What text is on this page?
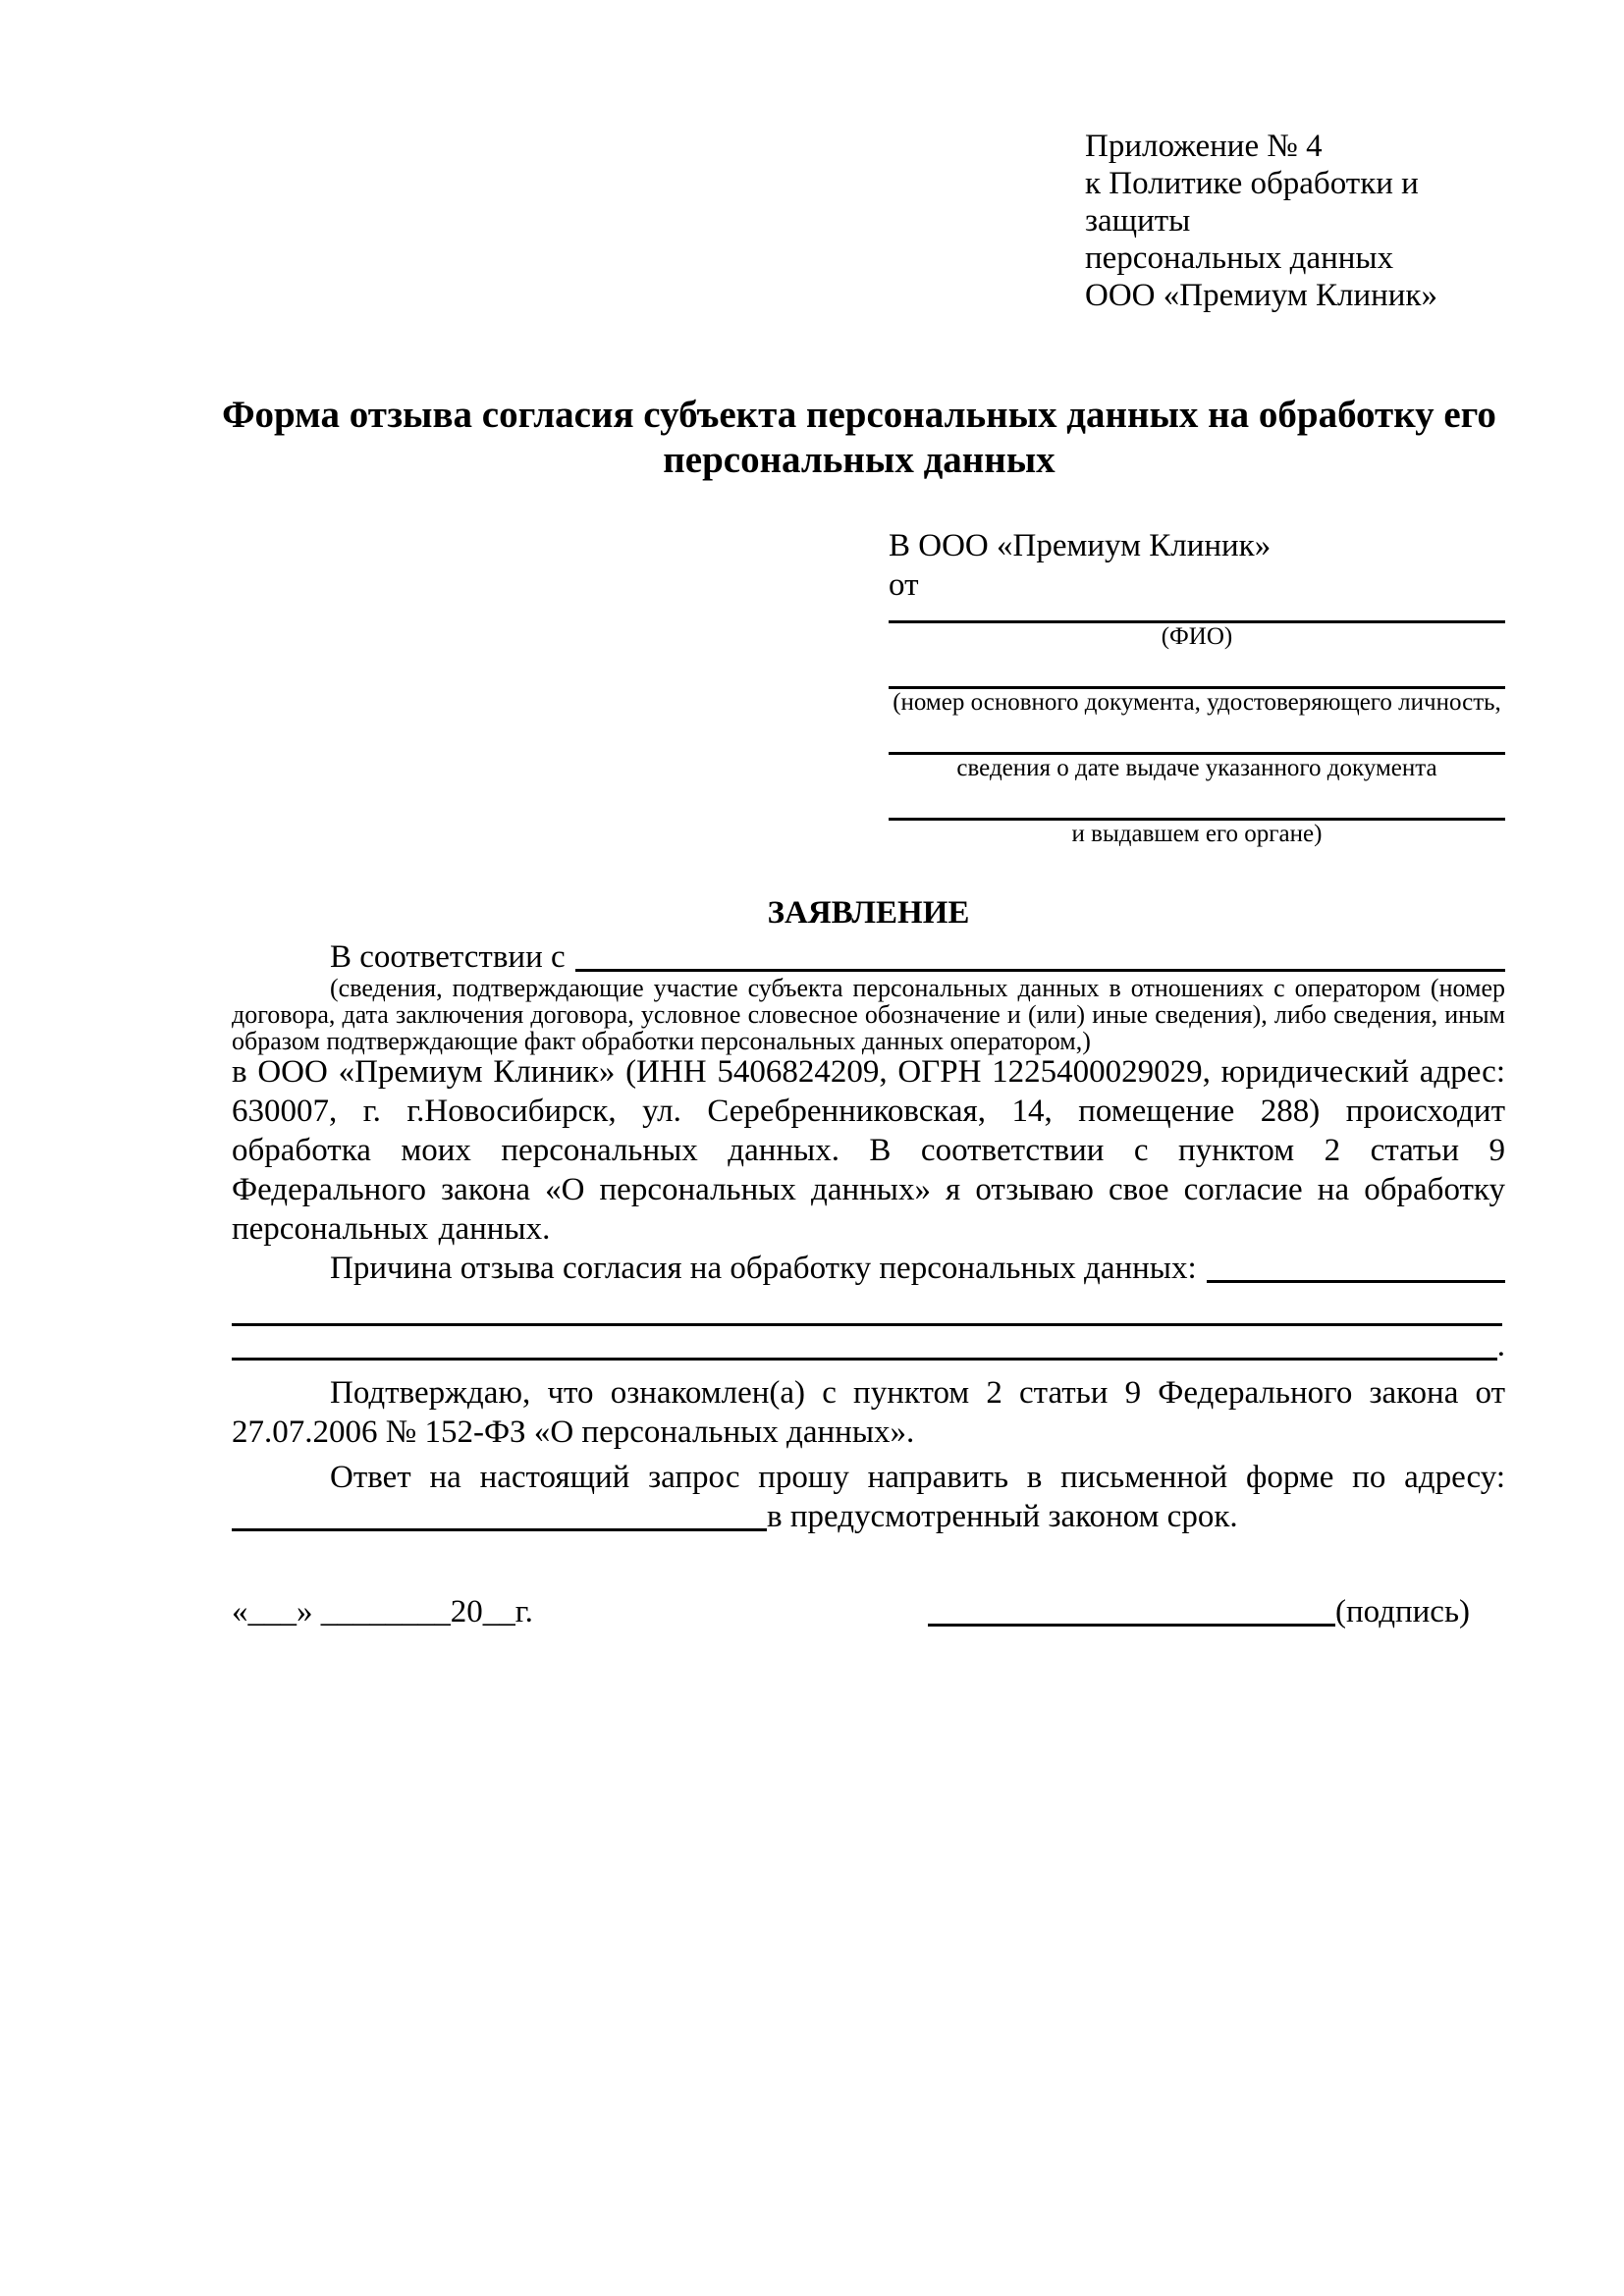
Приложение № 4
к Политике обработки и защиты
персональных данных
ООО «Премиум Клиник»
Форма отзыва согласия субъекта персональных данных на обработку его персональных данных
В ООО «Премиум Клиник»
от
(ФИО)
(номер основного документа, удостоверяющего личность,
сведения о дате выдаче указанного документа
и выдавшем его органе)
ЗАЯВЛЕНИЕ
В соответствии с

(сведения, подтверждающие участие субъекта персональных данных в отношениях с оператором (номер договора, дата заключения договора, условное словесное обозначение и (или) иные сведения), либо сведения, иным образом подтверждающие факт обработки персональных данных оператором,)

в ООО «Премиум Клиник» (ИНН 5406824209, ОГРН 1225400029029, юридический адрес: 630007, г. г.Новосибирск, ул. Серебренниковская, 14, помещение 288) происходит обработка моих персональных данных. В соответствии с пунктом 2 статьи 9 Федерального закона «О персональных данных» я отзываю свое согласие на обработку персональных данных.

Причина отзыва согласия на обработку персональных данных:
.

Подтверждаю, что ознакомлен(а) с пунктом 2 статьи 9 Федерального закона от 27.07.2006 № 152-ФЗ «О персональных данных».

Ответ на настоящий запрос прошу направить в письменной форме по адресу:

в предусмотренный законом срок.
«___» ________20__г.	(подпись)
